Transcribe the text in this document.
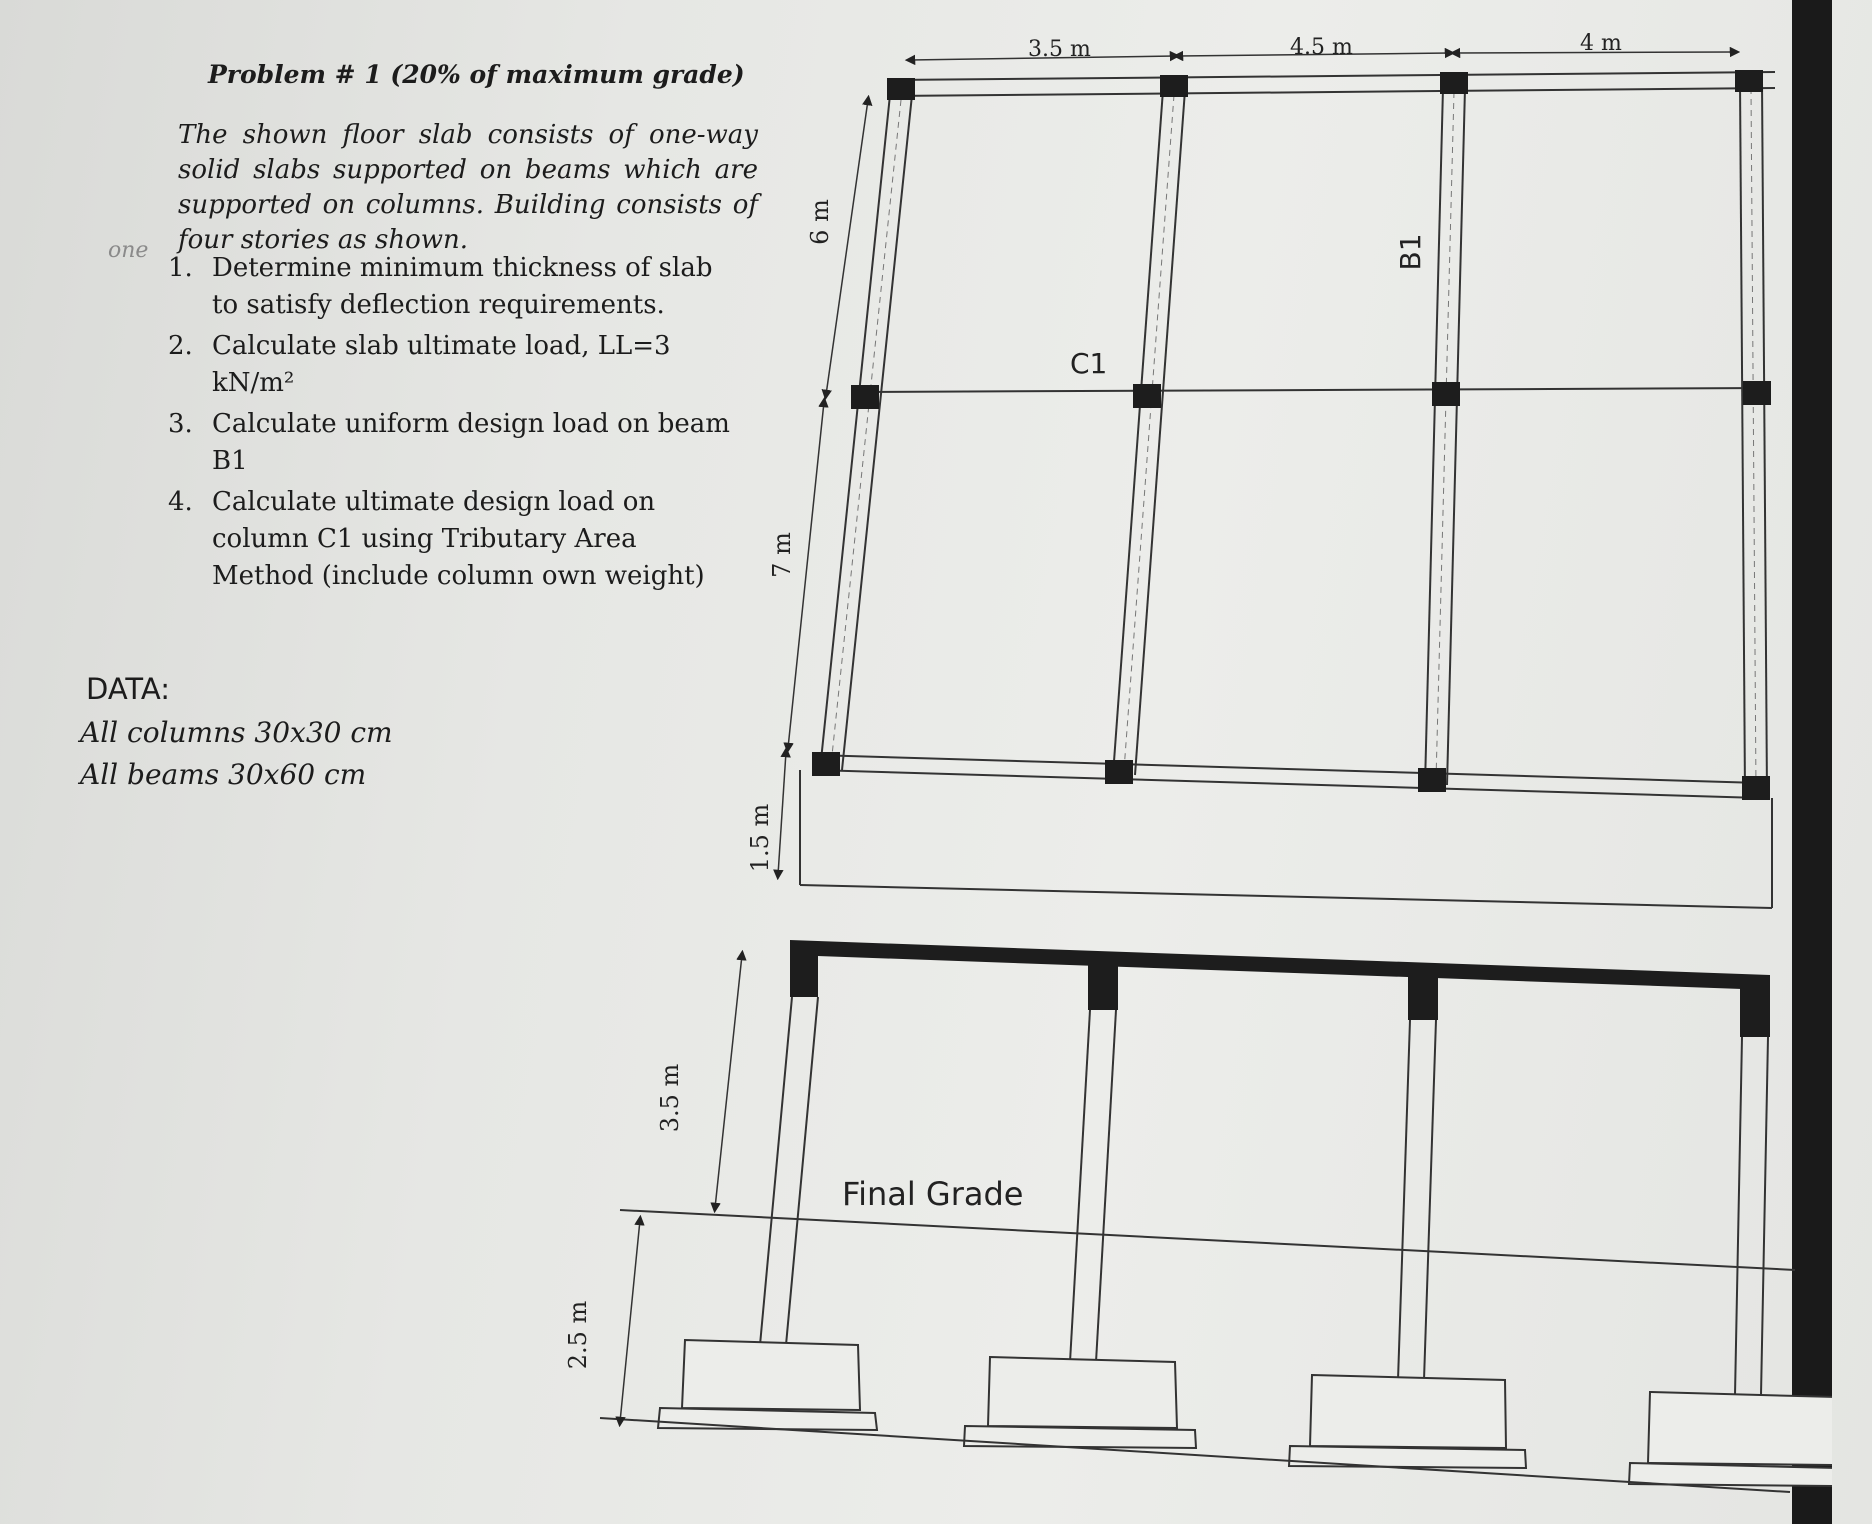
Problem # 1 (20% of maximum grade)
one
The shown floor slab consists of one-way solid slabs supported on beams which are supported on columns. Building consists of four stories as shown.
1. Determine minimum thickness of slab to satisfy deflection requirements.
2. Calculate slab ultimate load, LL=3 kN/m²
3. Calculate uniform design load on beam B1
4. Calculate ultimate design load on column C1 using Tributary Area Method (include column own weight)
DATA:
All columns 30x30 cm
All beams 30x60 cm
3.5 m	4.5 m	4 m
6 m
7 m
1.5 m
C1
B1
Final Grade
3.5 m
2.5 m
